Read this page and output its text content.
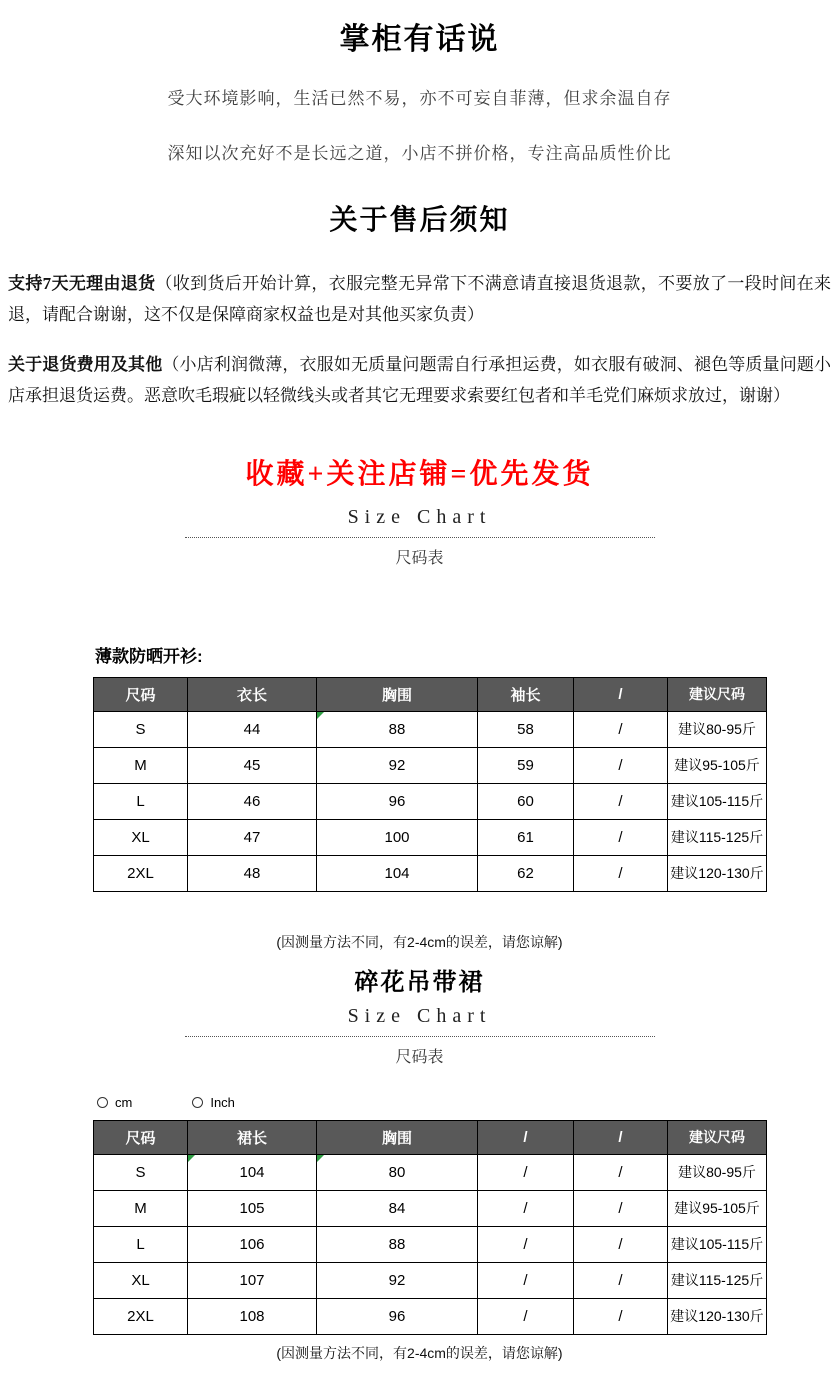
掌柜有话说

受大环境影响，生活已然不易，亦不可妄自菲薄，但求余温自存

深知以次充好不是长远之道，小店不拼价格，专注高品质性价比

关于售后须知

支持7天无理由退货（收到货后开始计算，衣服完整无异常下不满意请直接退货退款，不要放了一段时间在来退，请配合谢谢，这不仅是保障商家权益也是对其他买家负责）

关于退货费用及其他（小店利润微薄，衣服如无质量问题需自行承担运费，如衣服有破洞、褪色等质量问题小店承担退货运费。恶意吹毛瑕疵以轻微线头或者其它无理要求索要红包者和羊毛党们麻烦求放过，谢谢）

收藏+关注店铺=优先发货
Size Chart
尺码表
薄款防晒开衫:
尺码	衣长	胸围	袖长	/	建议尺码
S	44	88	58	/	建议80-95斤
M	45	92	59	/	建议95-105斤
L	46	96	60	/	建议105-115斤
XL	47	100	61	/	建议115-125斤
2XL	48	104	62	/	建议120-130斤
(因测量方法不同，有2-4cm的误差，请您谅解)
碎花吊带裙
Size Chart
尺码表
cm	Inch
尺码	裙长	胸围	/	/	建议尺码
S	104	80	/	/	建议80-95斤
M	105	84	/	/	建议95-105斤
L	106	88	/	/	建议105-115斤
XL	107	92	/	/	建议115-125斤
2XL	108	96	/	/	建议120-130斤
(因测量方法不同，有2-4cm的误差，请您谅解)
